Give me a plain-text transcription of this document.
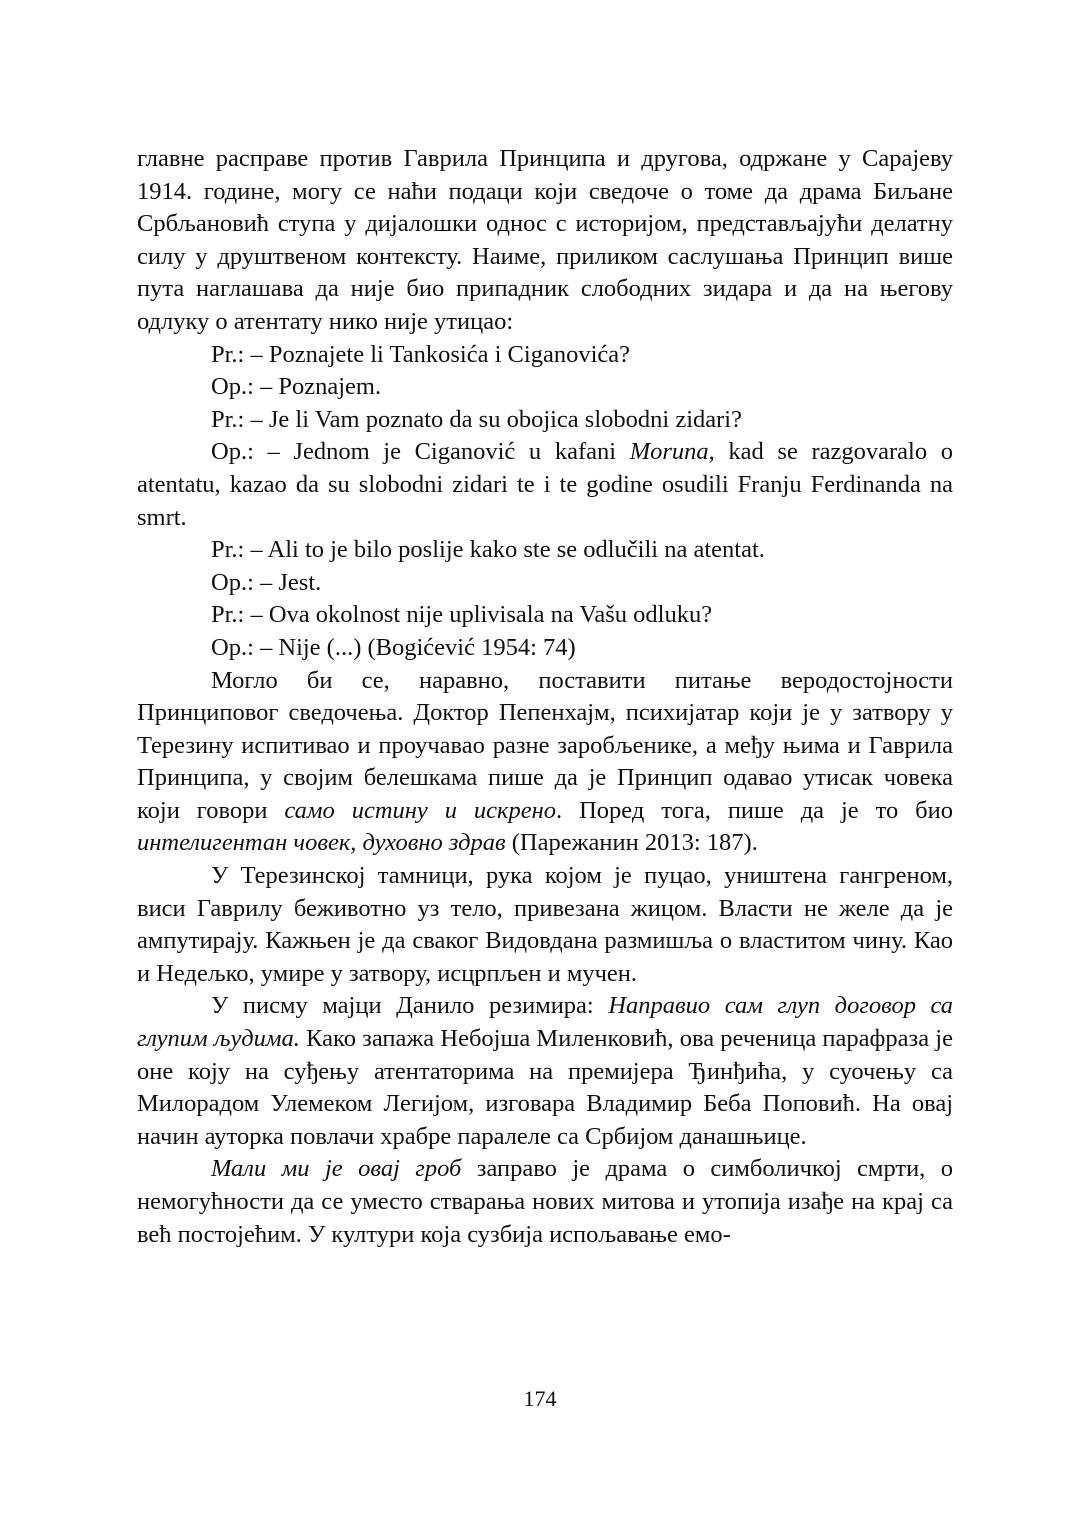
главне расправе против Гаврила Принципа и другова, одржане у Сарајеву 1914. године, могу се наћи подаци који сведоче о томе да драма Биљане Србљановић ступа у дијалошки однос с историјом, представљајући делатну силу у друштвеном контексту. Наиме, приликом саслушања Принцип више пута наглашава да није био припадник слободних зидара и да на његову одлуку о атентату нико није утицао:

Pr.: – Poznajete li Tankosića i Ciganovića?

Op.: – Poznajem.

Pr.: – Je li Vam poznato da su obojica slobodni zidari?

Op.: – Jednom je Ciganović u kafani Moruna, kad se razgovaralo o atentatu, kazao da su slobodni zidari te i te godine osudili Franju Ferdinanda na smrt.

Pr.: – Ali to je bilo poslije kako ste se odlučili na atentat.

Op.: – Jest.

Pr.: – Ova okolnost nije uplivisala na Vašu odluku?

Op.: – Nije (...) (Bogićević 1954: 74)

Могло би се, наравно, поставити питање веродостојности Принциповог сведочења. Доктор Пепенхајм, психијатар који је у затвору у Терезину испитивао и проучавао разне заробљенике, а међу њима и Гаврила Принципа, у својим белешкама пише да је Принцип одавао утисак човека који говори само истину и искрено. Поред тога, пише да је то био интелигентан човек, духовно здрав (Парежанин 2013: 187).

У Терезинској тамници, рука којом је пуцао, уништена гангреном, виси Гаврилу беживотно уз тело, привезана жицом. Власти не желе да је ампутирају. Кажњен је да сваког Видовдана размишља о властитом чину. Као и Недељко, умире у затвору, исцрпљен и мучен.

У писму мајци Данило резимира: Направио сам глуп договор са глупим људима. Како запажа Небојша Миленковић, ова реченица парафраза је оне коју на суђењу атентаторима на премијера Ђинђића, у суочењу са Милорадом Улемеком Легијом, изговара Владимир Беба Поповић. На овај начин ауторка повлачи храбре паралеле са Србијом данашњице.

Мали ми је овај гроб заправо је драма о симболичкој смрти, о немогућности да се уместо стварања нових митова и утопија изађе на крај са већ постојећим. У култури која сузбија испољавање емо-

174
